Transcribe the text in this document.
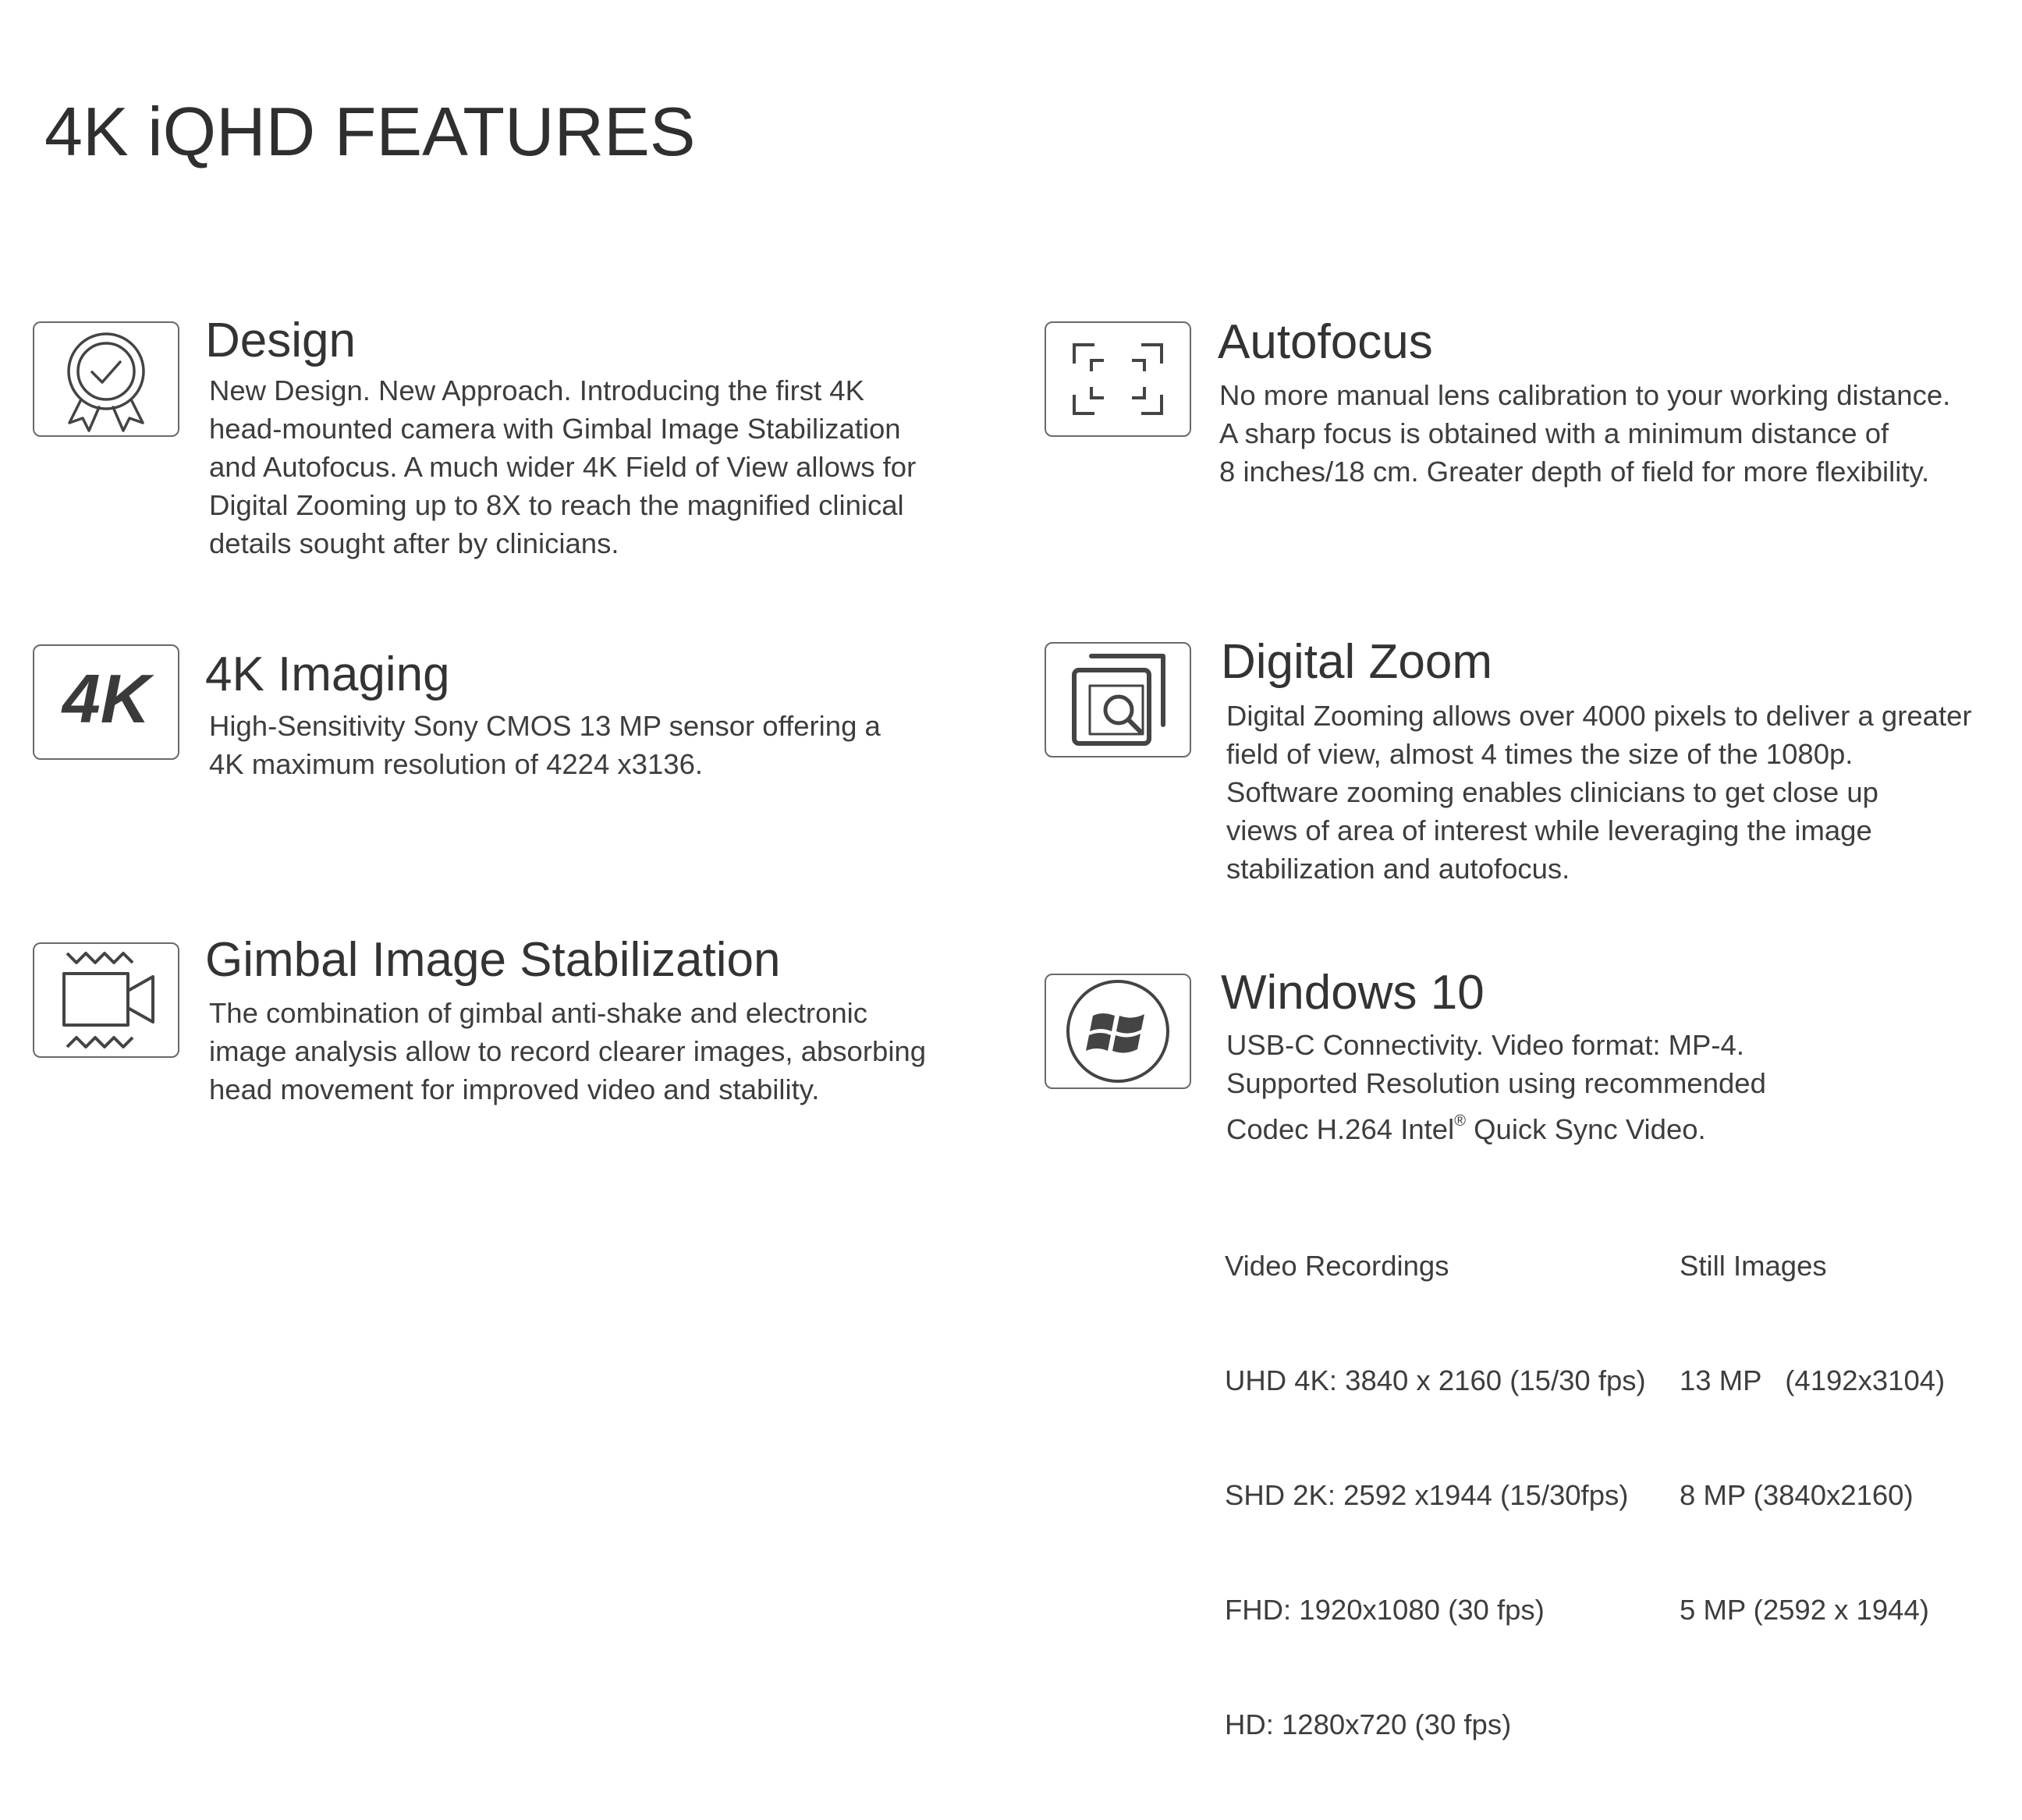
4K iQHD FEATURES
Design

New Design. New Approach. Introducing the first 4K
head-mounted camera with Gimbal Image Stabilization
and Autofocus. A much wider 4K Field of View allows for
Digital Zooming up to 8X to reach the magnified clinical
details sought after by clinicians.

4K 4K Imaging

High-Sensitivity Sony CMOS 13 MP sensor offering a
4K maximum resolution of 4224 x3136.

Gimbal Image Stabilization

The combination of gimbal anti-shake and electronic
image analysis allow to record clearer images, absorbing
head movement for improved video and stability.

Autofocus

No more manual lens calibration to your working distance.
A sharp focus is obtained with a minimum distance of
8 inches/18 cm. Greater depth of field for more flexibility.

Digital Zoom

Digital Zooming allows over 4000 pixels to deliver a greater
field of view, almost 4 times the size of the 1080p.
Software zooming enables clinicians to get close up
views of area of interest while leveraging the image
stabilization and autofocus.

Windows 10

USB-C Connectivity. Video format: MP-4.
Supported Resolution using recommended
Codec H.264 Intel® Quick Sync Video.

Video Recordings

UHD 4K: 3840 x 2160 (15/30 fps)

SHD 2K: 2592 x1944 (15/30fps)

FHD: 1920x1080 (30 fps)

HD: 1280x720 (30 fps)

Still Images

13 MP   (4192x3104)

8 MP (3840x2160)

5 MP (2592 x 1944)
